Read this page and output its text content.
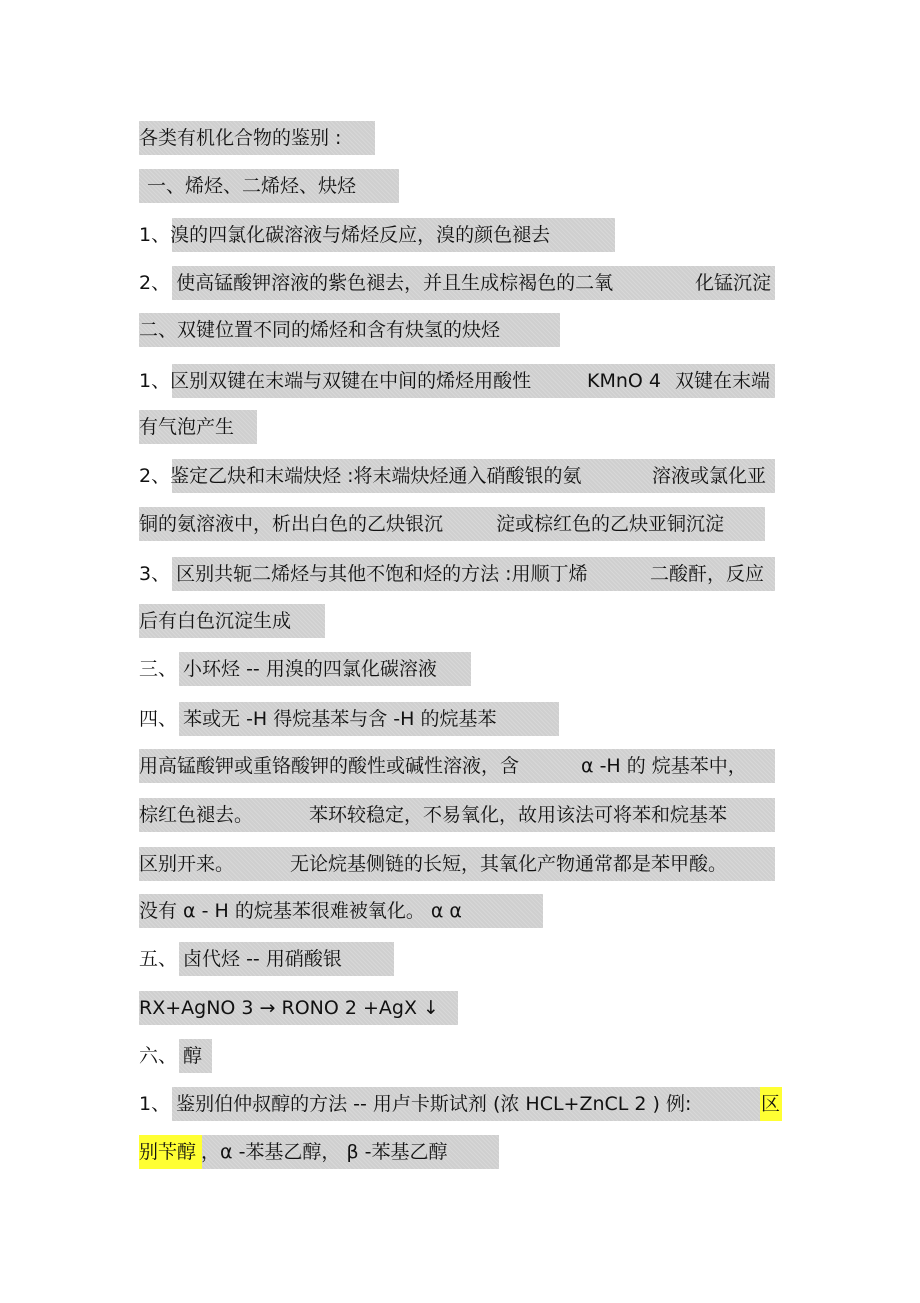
各类有机化合物的鉴别 :
一、烯烃、二烯烃、炔烃
1、溴的四氯化碳溶液与烯烃反应，溴的颜色褪去
2、 使高锰酸钾溶液的紫色褪去，并且生成棕褐色的二氧	化锰沉淀
二、双键位置不同的烯烃和含有炔氢的炔烃
1、区别双键在末端与双键在中间的烯烃用酸性	KMnO 4 双键在末端
有气泡产生
2、鉴定乙炔和末端炔烃 :将末端炔烃通入硝酸银的氨	溶液或氯化亚
铜的氨溶液中，析出白色的乙炔银沉	淀或棕红色的乙炔亚铜沉淀
3、 区别共轭二烯烃与其他不饱和烃的方法 :用顺丁烯	二酸酐，反应
后有白色沉淀生成
三、 小环烃 -- 用溴的四氯化碳溶液
四、 苯或无 -H 得烷基苯与含 -H 的烷基苯
用高锰酸钾或重铬酸钾的酸性或碱性溶液，含	α -H 的 烷基苯中，
棕红色褪去。	苯环较稳定，不易氧化，故用该法可将苯和烷基苯
区别开来。	无论烷基侧链的长短，其氧化产物通常都是苯甲酸。
没有 α - H 的烷基苯很难被氧化。 α α
五、 卤代烃 -- 用硝酸银
RX+AgNO 3 → RONO 2 +AgX ↓
六、 醇
1、 鉴别伯仲叔醇的方法 -- 用卢卡斯试剂 (浓 HCL+ZnCL 2 ) 例:	区
别苄醇 ，α -苯基乙醇， β -苯基乙醇
